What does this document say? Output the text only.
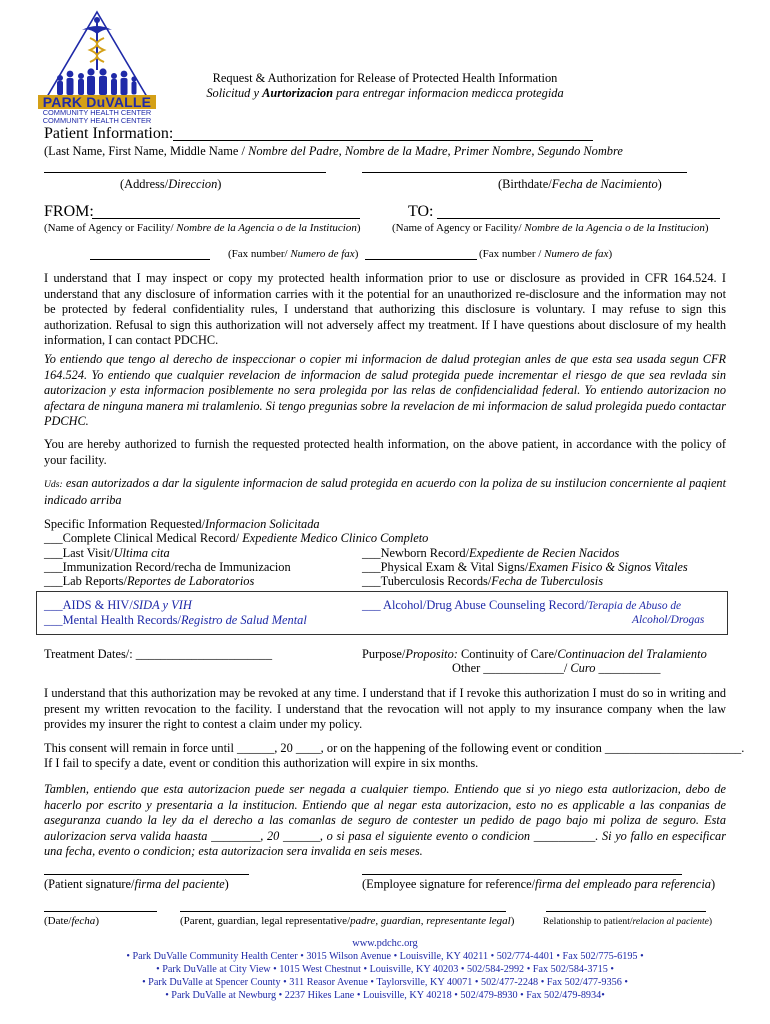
PARK DuVALLE
COMMUNITY HEALTH CENTER
COMMUNITY HEALTH CENTER
Request & Authorization for Release of Protected Health Information
Solicitud y Aurtorizacion para entregar informacion medicca protegida
Patient Information:
(Last Name, First Name, Middle Name / Nombre del Padre, Nombre de la Madre, Primer Nombre, Segundo Nombre
(Address/Direccion)	(Birthdate/Fecha de Nacimiento)
FROM:	TO:
(Name of Agency or Facility/ Nombre de la Agencia o de la Institucion)	(Name of Agency or Facility/ Nombre de la Agencia o de la Institucion)
(Fax number/ Numero de fax)	(Fax number / Numero de fax)
I understand that I may inspect or copy my protected health information prior to use or disclosure as provided in CFR 164.524. I understand that any disclosure of information carries with it the potential for an unauthorized re-disclosure and the information may not be protected by federal confidentiality rules, I understand that authorizing this disclosure is voluntary. I may refuse to sign this authorization. Refusal to sign this authorization will not adversely affect my treatment. If I have questions about disclosure of my health information, I can contact PDCHC.
Yo entiendo que tengo al derecho de inspeccionar o copier mi informacion de dalud protegian anles de que esta sea usada segun CFR 164.524. Yo entiendo que cualquier revelacion de informacion de salud protegida puede incrementar el riesgo de que sea revlada sin autorizacion y esta informacion posiblemente no sera prolegida por las relas de confidencialidad federal. Yo entiendo autorizacion no afectara de ninguna manera mi tralamlenio. Si tengo pregunias sobre la revelacion de mi informacion de salud prolegida puedo contactar PDCHC.
You are hereby authorized to furnish the requested protected health information, on the above patient, in accordance with the policy of your facility.
Uds: esan autorizados a dar la sigulente informacion de salud protegida en acuerdo con la poliza de su instilucion concerniente al paqient indicado arriba
Specific Information Requested/Informacion Solicitada
___Complete Clinical Medical Record/ Expediente Medico Clinico Completo
___Last Visit/Ultima cita	___Newborn Record/Expediente de Recien Nacidos
___Immunization Record/recha de Immunizacion	___Physical Exam & Vital Signs/Examen Fisico & Signos Vitales
___Lab Reports/Reportes de Laboratorios	___Tuberculosis Records/Fecha de Tuberculosis
___AIDS & HIV/SIDA y VIH	___ Alcohol/Drug Abuse Counseling Record/Terapia de Abuso de
___Mental Health Records/Registro de Salud Mental	Alcohol/Drogas
Treatment Dates/: ______________________	Purpose/Proposito: Continuity of Care/Continuacion del Tralamiento
Other _____________/ Curo __________
I understand that this authorization may be revoked at any time. I understand that if I revoke this authorization I must do so in writing and present my written revocation to the facility. I understand that the revocation will not apply to my insurance company when the law provides my insurer the right to contest a claim under my policy.
This consent will remain in force until ______, 20 ____, or on the happening of the following event or condition ______________________.
If I fail to specify a date, event or condition this authorization will expire in six months.
Tamblen, entiendo que esta autorizacion puede ser negada a cualquier tiempo. Entiendo que si yo niego esta autlorizacion, debo de hacerlo por escrito y presentaria a la institucion. Entiendo que al negar esta autorizacion, esto no es applicable a las conpanias de aseguranza cuando la ley da el derecho a las comanlas de seguro de contester un pedido de pago bajo mi poliza de seguro. Esta aulorizacion serva valida haasta ________, 20 ______, o si pasa el siguiente evento o condicion __________. Si yo fallo en especificar una fecha, evento o condicion; esta autorizacion sera invalida en seis meses.
(Patient signature/firma del paciente)	(Employee signature for reference/firma del empleado para referencia)
(Date/fecha)	(Parent, guardian, legal representative/padre, guardian, representante legal)	Relationship to patient/relacion al paciente)
www.pdchc.org
• Park DuValle Community Health Center • 3015 Wilson Avenue • Louisville, KY 40211 • 502/774-4401 • Fax 502/775-6195 •
• Park DuValle at City View • 1015 West Chestnut • Louisville, KY 40203 • 502/584-2992 • Fax 502/584-3715 •
• Park DuValle at Spencer County • 311 Reasor Avenue • Taylorsville, KY 40071 • 502/477-2248 • Fax 502/477-9356 •
• Park DuValle at Newburg • 2237 Hikes Lane • Louisville, KY 40218 • 502/479-8930 • Fax 502/479-8934•
